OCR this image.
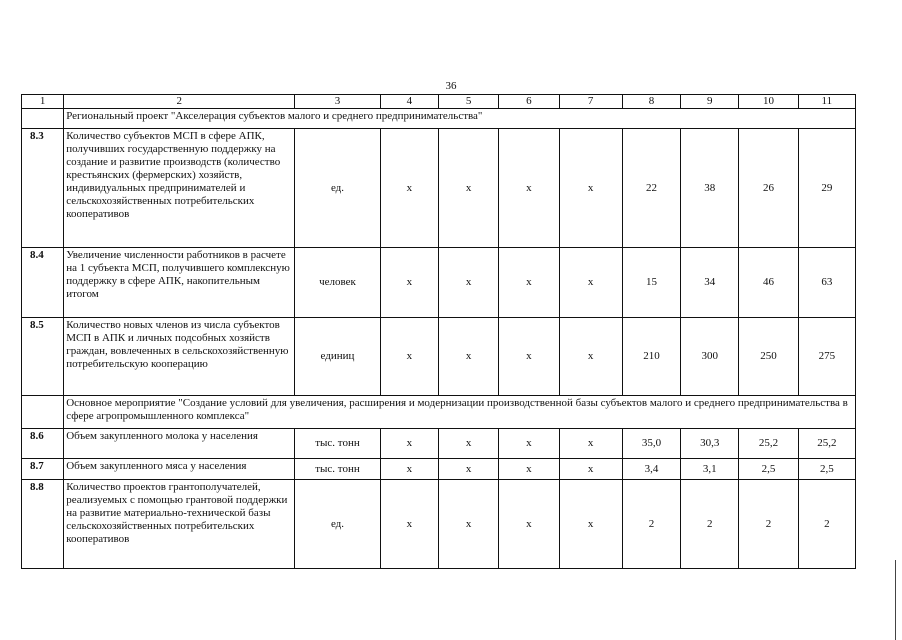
36
1	2	3	4	5	6	7	8	9	10	11
	Региональный проект "Акселерация субъектов малого и среднего предпринимательства"									
8.3	Количество субъектов МСП в сфере АПК, получивших государственную поддержку на создание и развитие производств (количество крестьянских (фермерских) хозяйств, индивидуальных предпринимателей и сельскохозяйственных потребительских кооперативов	ед.	х	х	х	х	22	38	26	29
8.4	Увеличение численности работников в расчете на 1 субъекта МСП, получившего комплексную поддержку в сфере АПК, накопительным итогом	человек	х	х	х	х	15	34	46	63
8.5	Количество новых членов из числа субъектов МСП в АПК и личных подсобных хозяйств граждан, вовлеченных в сельскохозяйственную потребительскую кооперацию	единиц	х	х	х	х	210	300	250	275
	Основное мероприятие "Создание условий для увеличения, расширения и модернизации производственной базы субъектов малого и среднего предпринимательства в сфере агропромышленного комплекса"									
8.6	Объем закупленного молока у населения	тыс. тонн	х	х	х	х	35,0	30,3	25,2	25,2
8.7	Объем закупленного мяса у населения	тыс. тонн	х	х	х	х	3,4	3,1	2,5	2,5
8.8	Количество проектов грантополучателей, реализуемых с помощью грантовой поддержки на развитие материально-технической базы сельскохозяйственных потребительских кооперативов	ед.	х	х	х	х	2	2	2	2
